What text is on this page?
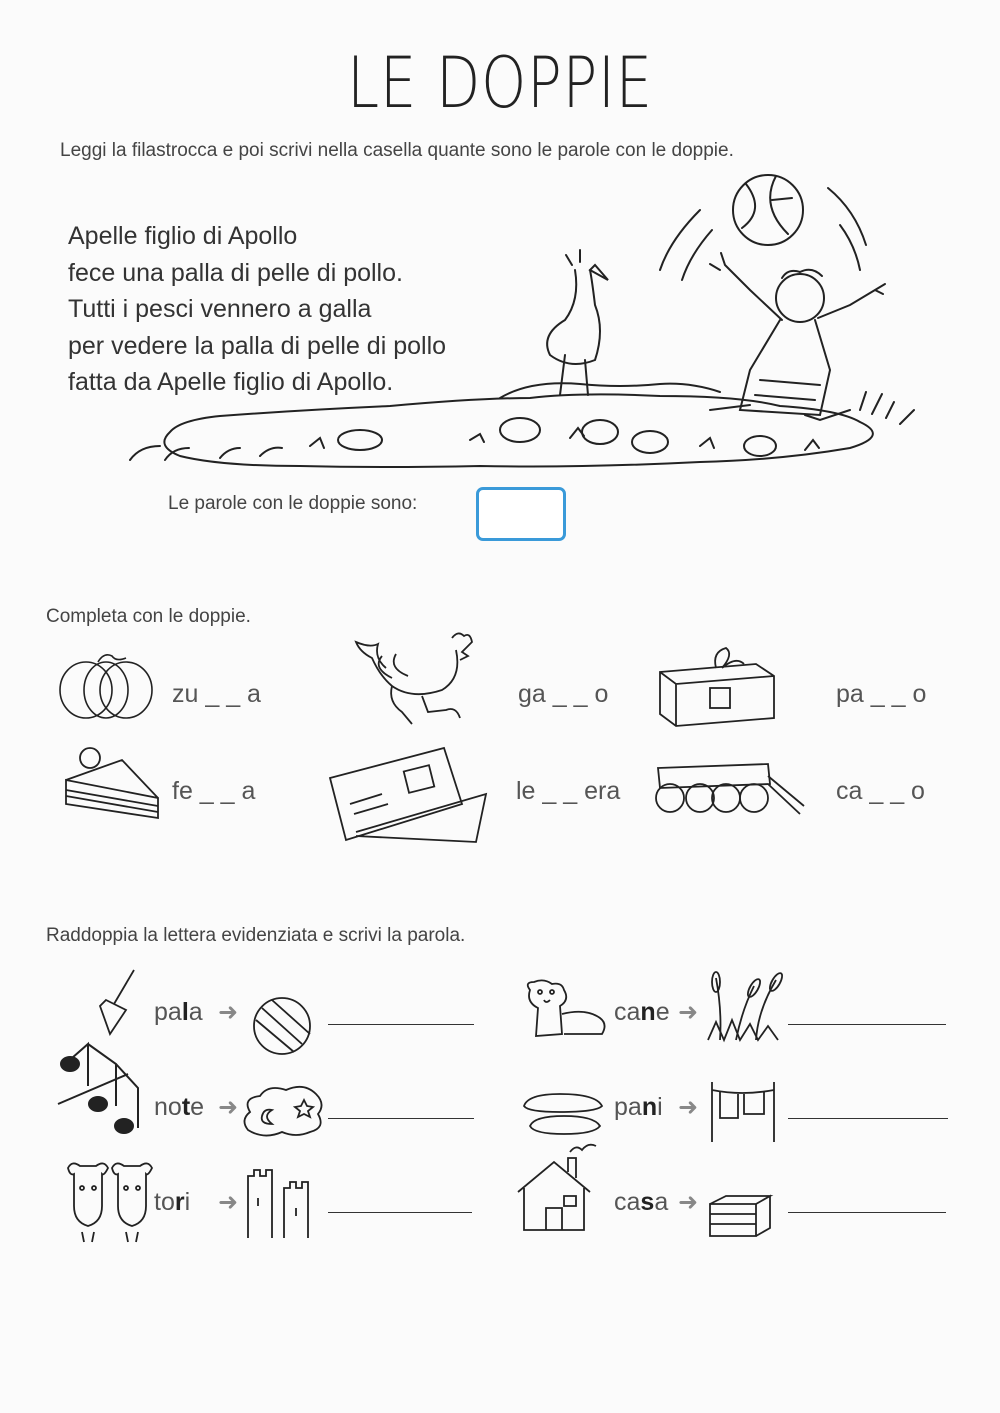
LE DOPPIE
Leggi la filastrocca e poi scrivi nella casella quante sono le parole con le doppie.
Apelle figlio di Apollo
fece una palla di pelle di pollo.
Tutti i pesci vennero a galla
per vedere la palla di pelle di pollo
fatta da Apelle figlio di Apollo.
Le parole con le doppie sono:
Completa con le doppie.
zu _ _ a	ga _ _ o	pa _ _ o
fe _ _ a	le _ _ era	ca _ _ o
Raddoppia la lettera evidenziata e scrivi la parola.
pala ➜
note ➜
tori ➜
cane ➜
pani ➜
casa ➜
